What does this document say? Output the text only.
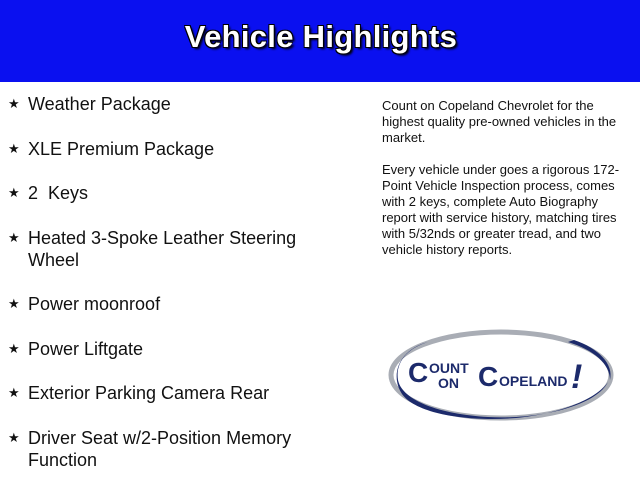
Vehicle Highlights
★ Weather Package
★ XLE Premium Package
★ 2  Keys
★ Heated 3-Spoke Leather Steering Wheel
★ Power moonroof
★ Power Liftgate
★ Exterior Parking Camera Rear
★ Driver Seat w/2-Position Memory Function

Count on Copeland Chevrolet for the highest quality pre-owned vehicles in the market.

Every vehicle under goes a rigorous 172-Point Vehicle Inspection process, comes with 2 keys, complete Auto Biography report with service history, matching tires with 5/32nds or greater tread, and two vehicle history reports.

C OUNT
ON C OPELAND !
